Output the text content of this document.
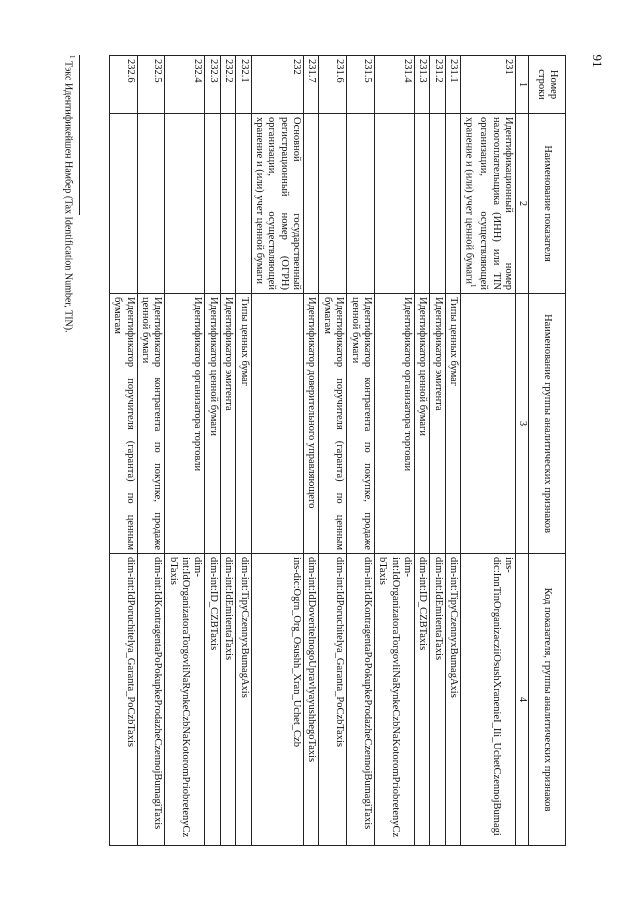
91
Номер строки	Наименование показателя	Наименование группы аналитических признаков	Код показателя, группы аналитических признаков
1	2	3	4
231	Идентификационный номер налогоплательщика (ИНН) или TIN организации, осуществляющей хранение и (или) учет ценной бумаги$^1$		ins-dic:InnTinOrganizacziiOsushXranenieI_Ili_UchetCzennojBumagi
231.1		Типы ценных бумаг	dim-int:TipyCzennyxBumagAxis
231.2		Идентификатор эмитента	dim-int:IdEmitentaTaxis
231.3		Идентификатор ценной бумаги	dim-int:ID_CZBTaxis
231.4		Идентификатор организатора торговли	dim-int:IdOrganizatoraTorgovliNaRynkeCzbNaKotoromPriobretenyCzbTaxis
231.5		Идентификатор контрагента по покупке, продаже ценной бумаги	dim-int:IdKontragentaPoPokupkeProdazheCzennojBumagiTaxis
231.6		Идентификатор поручителя (гаранта) по ценным бумагам	dim-int:IdPoruchitelya_Garanta_PoCzbTaxis
231.7		Идентификатор доверительного управляющего	dim-int:IdDoveritelnogoUpravlyayushhegoTaxis
232	Основной государственный регистрационный номер (ОГРН) организации, осуществляющей хранение и (или) учет ценной бумаги		ins-dic:Ogrn_Org_Osushh_Xran_Uchet_Czb
232.1		Типы ценных бумаг	dim-int:TipyCzennyxBumagAxis
232.2		Идентификатор эмитента	dim-int:IdEmitentaTaxis
232.3		Идентификатор ценной бумаги	dim-int:ID_CZBTaxis
232.4		Идентификатор организатора торговли	dim-int:IdOrganizatoraTorgovliNaRynkeCzbNaKotoromPriobretenyCzbTaxis
232.5		Идентификатор контрагента по покупке, продаже ценной бумаги	dim-int:IdKontragentaPoPokupkeProdazheCzennojBumagiTaxis
232.6		Идентификатор поручителя (гаранта) по ценным бумагам	dim-int:IdPoruchitelya_Garanta_PoCzbTaxis
$^1$ Тэкс Идентификейшен Намбер (Tax Identification Number, TIN).
